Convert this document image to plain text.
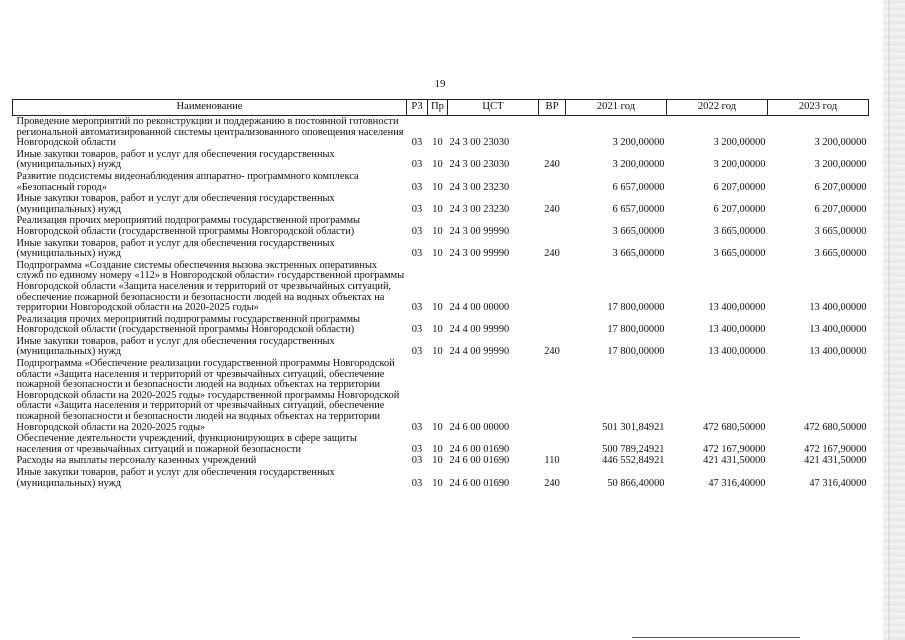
19
Наименование	РЗ	Пр	ЦСТ	ВР	2021 год	2022 год	2023 год
Проведение мероприятий по реконструкции и поддержанию в постоянной готовности региональной автоматизированной системы централизованного оповещения населения Новгородской области	03	10	24 3 00 23030		3 200,00000	3 200,00000	3 200,00000
Иные закупки товаров, работ и услуг для обеспечения государственных (муниципальных) нужд	03	10	24 3 00 23030	240	3 200,00000	3 200,00000	3 200,00000
Развитие подсистемы видеонаблюдения аппаратно- программного комплекса «Безопасный город»	03	10	24 3 00 23230		6 657,00000	6 207,00000	6 207,00000
Иные закупки товаров, работ и услуг для обеспечения государственных (муниципальных) нужд	03	10	24 3 00 23230	240	6 657,00000	6 207,00000	6 207,00000
Реализация прочих мероприятий подпрограммы государственной программы Новгородской области (государственной программы Новгородской области)	03	10	24 3 00 99990		3 665,00000	3 665,00000	3 665,00000
Иные закупки товаров, работ и услуг для обеспечения государственных (муниципальных) нужд	03	10	24 3 00 99990	240	3 665,00000	3 665,00000	3 665,00000
Подпрограмма «Создание системы обеспечения вызова экстренных оперативных служб по единому номеру «112» в Новгородской области» государственной программы Новгородской области «Защита населения и территорий от чрезвычайных ситуаций, обеспечение пожарной безопасности и безопасности людей на водных объектах на территории Новгородской области на 2020-2025 годы»	03	10	24 4 00 00000		17 800,00000	13 400,00000	13 400,00000
Реализация прочих мероприятий подпрограммы государственной программы Новгородской области (государственной программы Новгородской области)	03	10	24 4 00 99990		17 800,00000	13 400,00000	13 400,00000
Иные закупки товаров, работ и услуг для обеспечения государственных (муниципальных) нужд	03	10	24 4 00 99990	240	17 800,00000	13 400,00000	13 400,00000
Подпрограмма «Обеспечение реализации государственной программы Новгородской области «Защита населения и территорий от чрезвычайных ситуаций, обеспечение пожарной безопасности и безопасности людей на водных объектах на территории Новгородской области на 2020-2025 годы» государственной программы Новгородской области «Защита населения и территорий от чрезвычайных ситуаций, обеспечение пожарной безопасности и безопасности людей на водных объектах на территории Новгородской области на 2020-2025 годы»	03	10	24 6 00 00000		501 301,84921	472 680,50000	472 680,50000
Обеспечение деятельности учреждений, функционирующих в сфере защиты населения от чрезвычайных ситуаций и пожарной безопасности	03	10	24 6 00 01690		500 789,24921	472 167,90000	472 167,90000
Расходы на выплаты персоналу казенных учреждений	03	10	24 6 00 01690	110	446 552,84921	421 431,50000	421 431,50000
Иные закупки товаров, работ и услуг для обеспечения государственных (муниципальных) нужд	03	10	24 6 00 01690	240	50 866,40000	47 316,40000	47 316,40000
